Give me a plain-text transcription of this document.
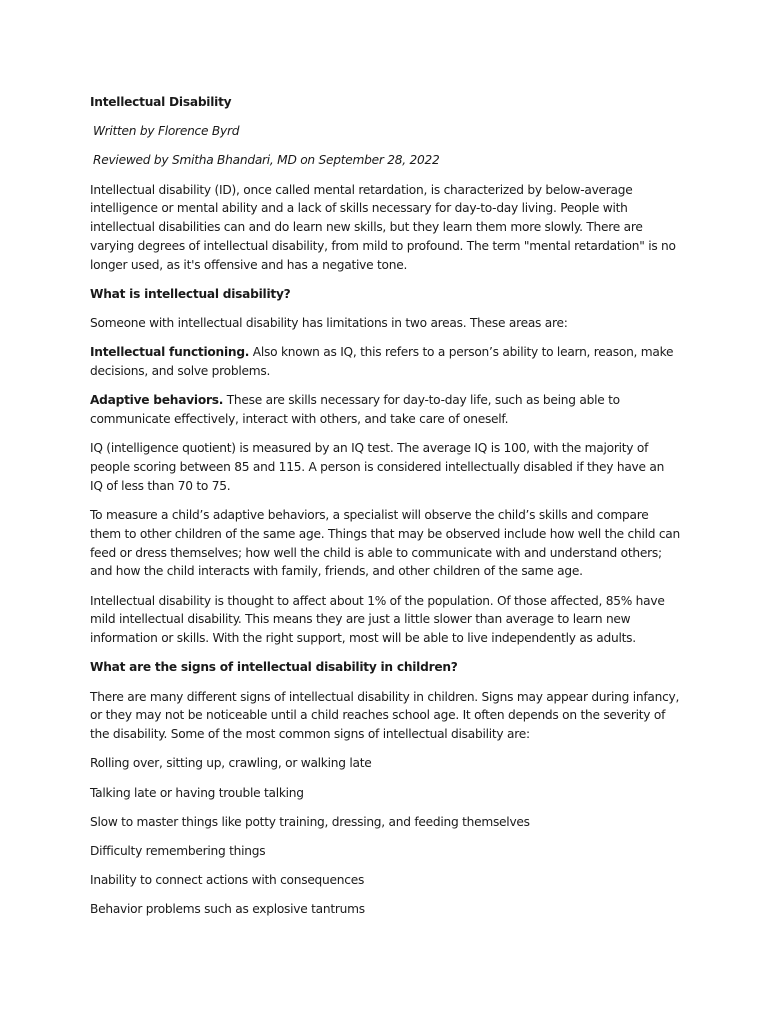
Intellectual Disability

Written by Florence Byrd

Reviewed by Smitha Bhandari, MD on September 28, 2022

Intellectual disability (ID), once called mental retardation, is characterized by below-average intelligence or mental ability and a lack of skills necessary for day-to-day living. People with intellectual disabilities can and do learn new skills, but they learn them more slowly. There are varying degrees of intellectual disability, from mild to profound. The term "mental retardation" is no longer used, as it's offensive and has a negative tone.

What is intellectual disability?

Someone with intellectual disability has limitations in two areas. These areas are:

Intellectual functioning. Also known as IQ, this refers to a person’s ability to learn, reason, make decisions, and solve problems.

Adaptive behaviors. These are skills necessary for day-to-day life, such as being able to communicate effectively, interact with others, and take care of oneself.

IQ (intelligence quotient) is measured by an IQ test. The average IQ is 100, with the majority of people scoring between 85 and 115. A person is considered intellectually disabled if they have an IQ of less than 70 to 75.

To measure a child’s adaptive behaviors, a specialist will observe the child’s skills and compare them to other children of the same age. Things that may be observed include how well the child can feed or dress themselves; how well the child is able to communicate with and understand others; and how the child interacts with family, friends, and other children of the same age.

Intellectual disability is thought to affect about 1% of the population. Of those affected, 85% have mild intellectual disability. This means they are just a little slower than average to learn new information or skills. With the right support, most will be able to live independently as adults.

What are the signs of intellectual disability in children?

There are many different signs of intellectual disability in children. Signs may appear during infancy, or they may not be noticeable until a child reaches school age. It often depends on the severity of the disability. Some of the most common signs of intellectual disability are:

Rolling over, sitting up, crawling, or walking late

Talking late or having trouble talking

Slow to master things like potty training, dressing, and feeding themselves

Difficulty remembering things

Inability to connect actions with consequences

Behavior problems such as explosive tantrums
